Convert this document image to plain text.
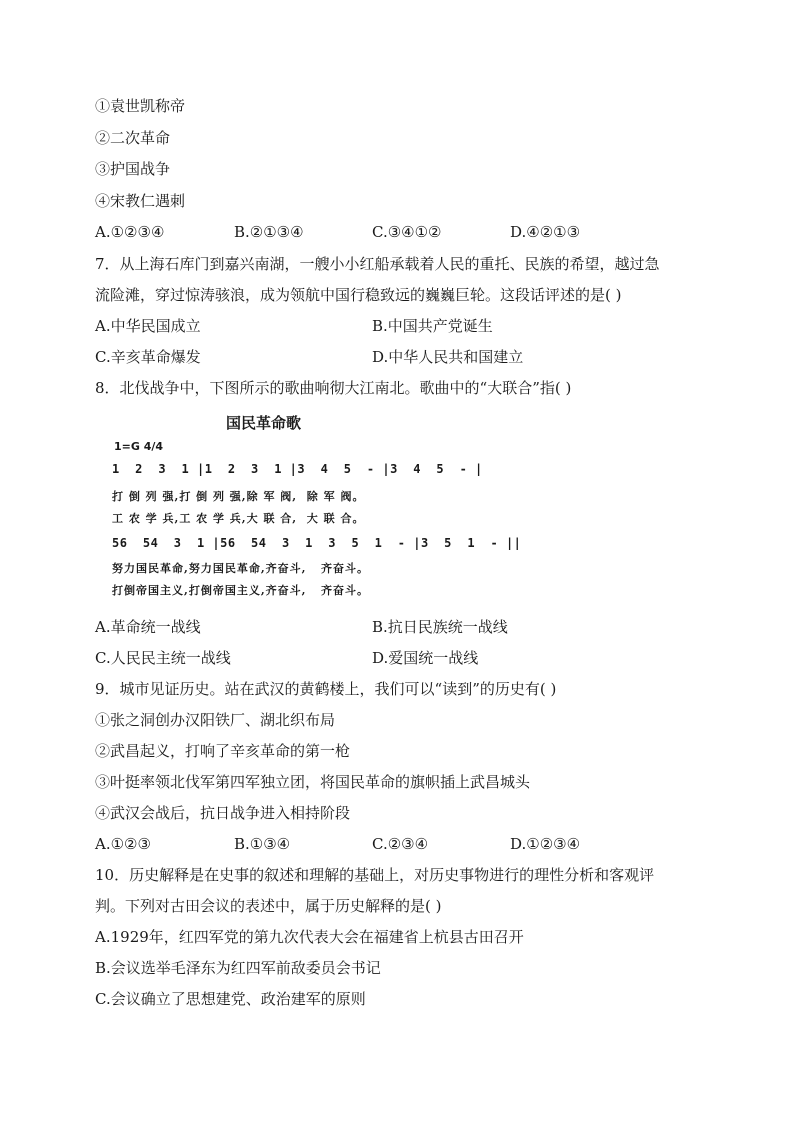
①袁世凯称帝
②二次革命
③护国战争
④宋教仁遇刺
A.①②③④	B.②①③④	C.③④①②	D.④②①③
7．从上海石库门到嘉兴南湖，一艘小小红船承载着人民的重托、民族的希望，越过急
流险滩，穿过惊涛骇浪，成为领航中国行稳致远的巍巍巨轮。这段话评述的是( )
A.中华民国成立	B.中国共产党诞生
C.辛亥革命爆发	D.中华人民共和国建立
8．北伐战争中，下图所示的歌曲响彻大江南北。歌曲中的“大联合”指( )
国民革命歌
1=G 4/4
1  2  3  1 |1  2  3  1 |3  4  5  - |3  4  5  - |
打 倒 列 强,打 倒 列 强,除 军 阀,  除 军 阀。
工 农 学 兵,工 农 学 兵,大 联 合,  大 联 合。
56  54  3  1 |56  54  3  1  3  5  1  - |3  5  1  - ||
努力国民革命,努力国民革命,齐奋斗,   齐奋斗。
打倒帝国主义,打倒帝国主义,齐奋斗,   齐奋斗。
A.革命统一战线	B.抗日民族统一战线
C.人民民主统一战线	D.爱国统一战线
9．城市见证历史。站在武汉的黄鹤楼上，我们可以“读到”的历史有( )
①张之洞创办汉阳铁厂、湖北织布局
②武昌起义，打响了辛亥革命的第一枪
③叶挺率领北伐军第四军独立团，将国民革命的旗帜插上武昌城头
④武汉会战后，抗日战争进入相持阶段
A.①②③	B.①③④	C.②③④	D.①②③④
10．历史解释是在史事的叙述和理解的基础上，对历史事物进行的理性分析和客观评
判。下列对古田会议的表述中，属于历史解释的是( )
A.1929年，红四军党的第九次代表大会在福建省上杭县古田召开
B.会议选举毛泽东为红四军前敌委员会书记
C.会议确立了思想建党、政治建军的原则
